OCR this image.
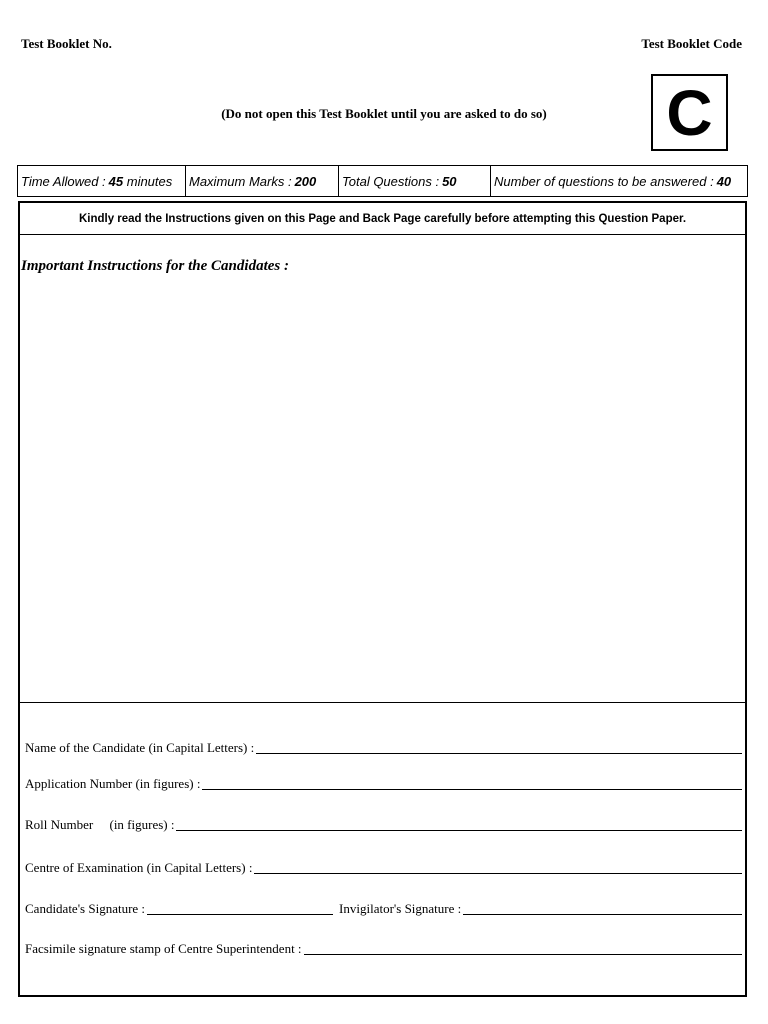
Test Booklet No.	Test Booklet Code
(Do not open this Test Booklet until you are asked to do so)	C
Time Allowed : 45 minutes Maximum Marks : 200 Total Questions : 50	Number of questions to be answered : 40
Kindly read the Instructions given on this Page and Back Page carefully before attempting this Question Paper.
Important Instructions for the Candidates :
Name of the Candidate (in Capital Letters) :
Application Number (in figures) :
Roll Number     (in figures) :
Centre of Examination (in Capital Letters) :
Candidate's Signature :	Invigilator's Signature :
Facsimile signature stamp of Centre Superintendent :
